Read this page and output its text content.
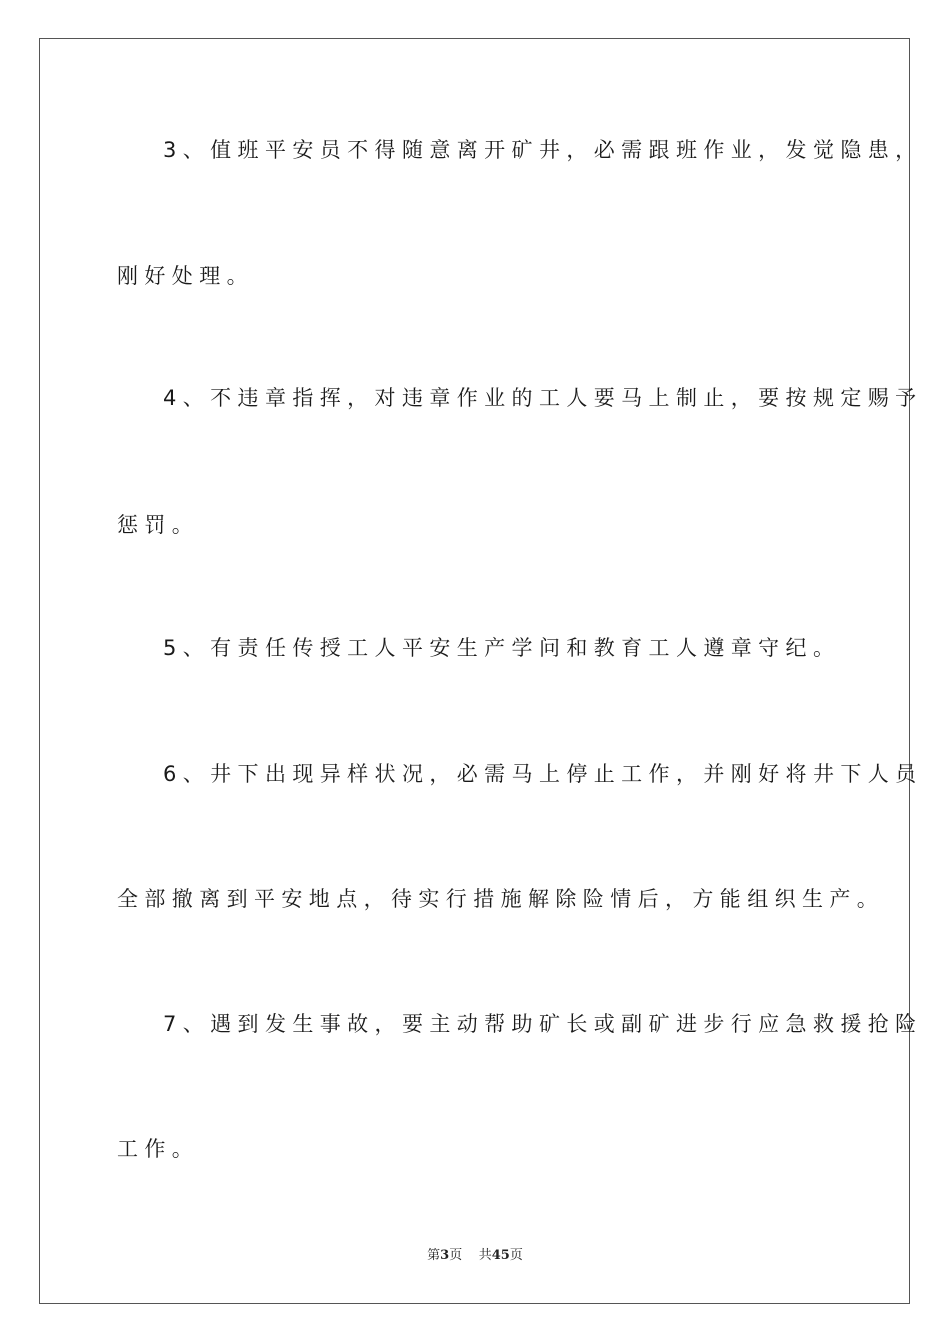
3、值班平安员不得随意离开矿井，必需跟班作业，发觉隐患，
刚好处理。
4、不违章指挥，对违章作业的工人要马上制止，要按规定赐予
惩罚。
5、有责任传授工人平安生产学问和教育工人遵章守纪。
6、井下出现异样状况，必需马上停止工作，并刚好将井下人员
全部撤离到平安地点，待实行措施解除险情后，方能组织生产。
7、遇到发生事故，要主动帮助矿长或副矿进步行应急救援抢险
工作。
第3页 共45页
